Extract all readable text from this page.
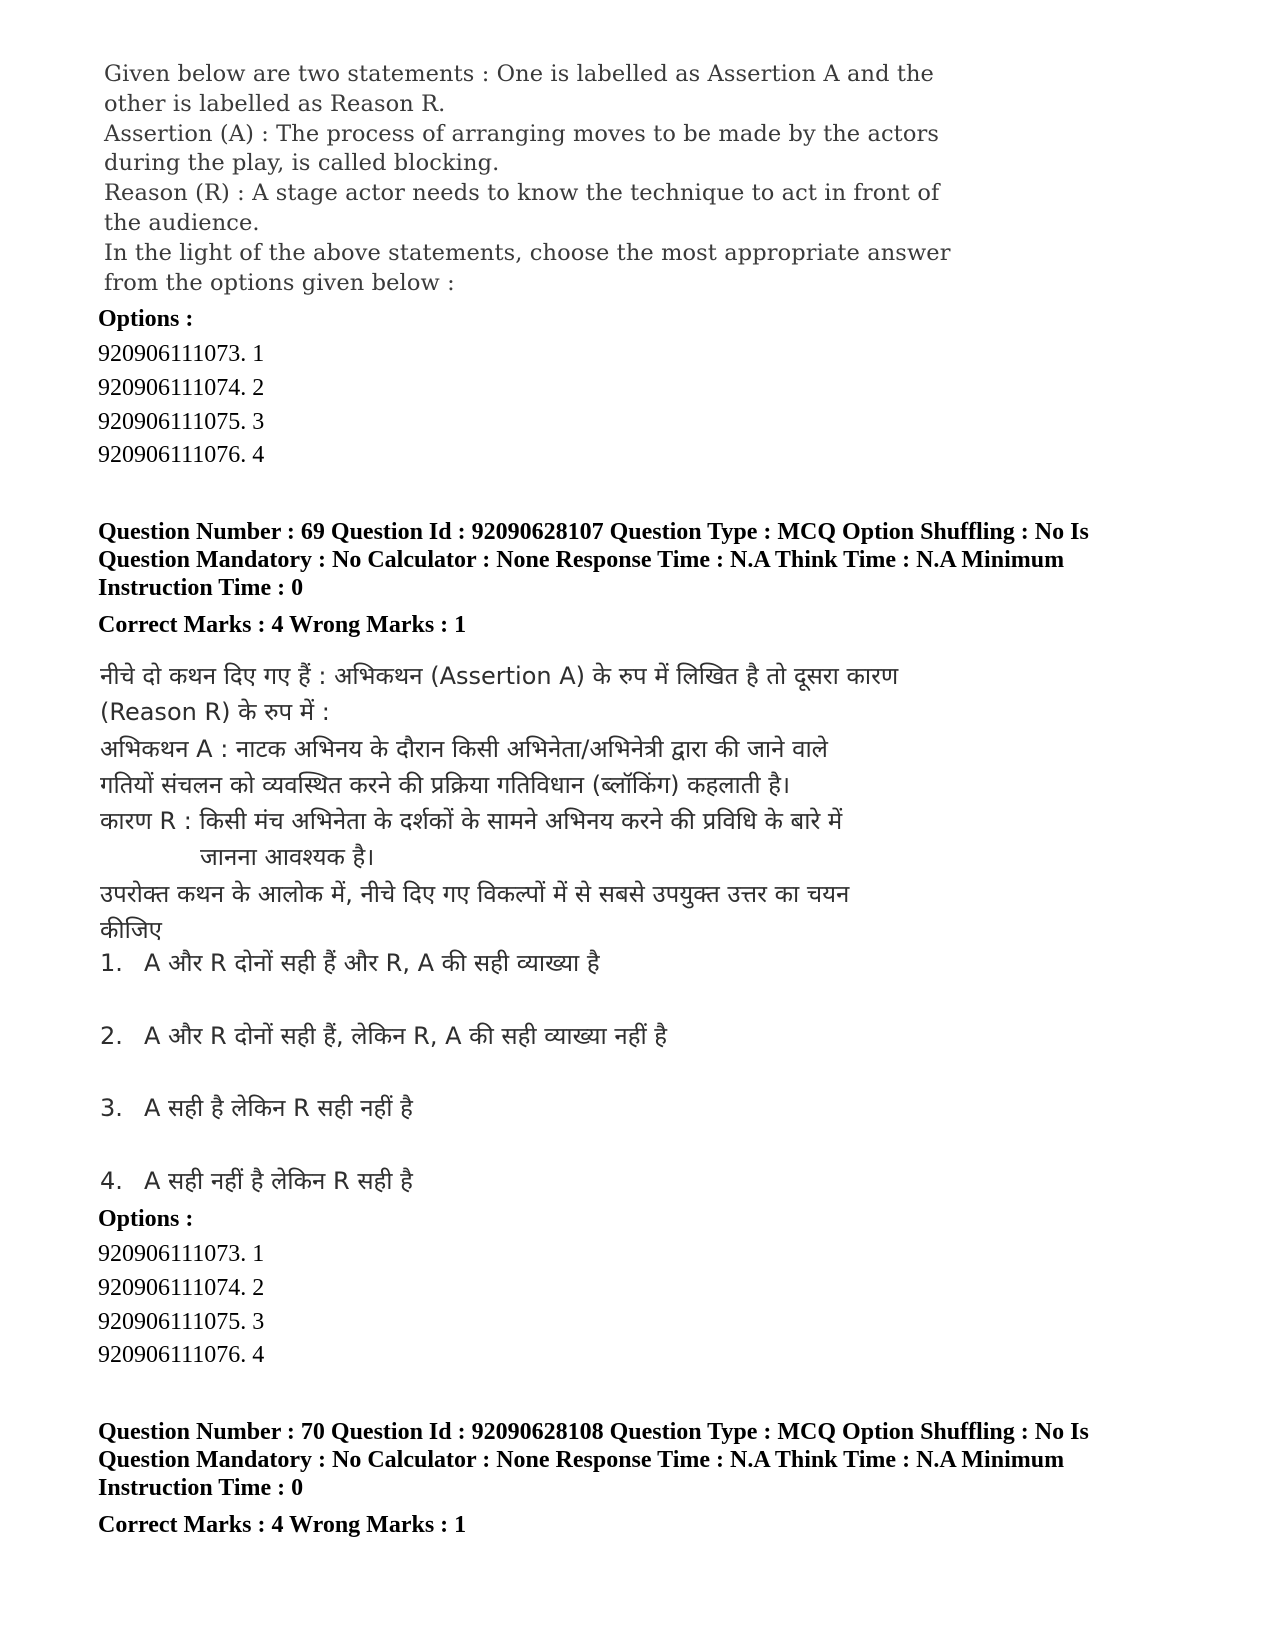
Given below are two statements : One is labelled as Assertion A and the

other is labelled as Reason R.

Assertion (A) : The process of arranging moves to be made by the actors

during the play, is called blocking.

Reason (R) : A stage actor needs to know the technique to act in front of

the audience.

In the light of the above statements, choose the most appropriate answer

from the options given below :

Options :
920906111073. 1
920906111074. 2
920906111075. 3
920906111076. 4
Question Number : 69 Question Id : 92090628107 Question Type : MCQ Option Shuffling : No Is
Question Mandatory : No Calculator : None Response Time : N.A Think Time : N.A Minimum
Instruction Time : 0
Correct Marks : 4 Wrong Marks : 1
नीचे दो कथन दिए गए हैं : अभिकथन (Assertion A) के रुप में लिखित है तो दूसरा कारण
(Reason R) के रुप में :
अभिकथन A : नाटक अभिनय के दौरान किसी अभिनेता/अभिनेत्री द्वारा की जाने वाले
गतियों संचलन को व्यवस्थित करने की प्रक्रिया गतिविधान (ब्लॉकिंग) कहलाती है।
कारण R : किसी मंच अभिनेता के दर्शकों के सामने अभिनय करने की प्रविधि के बारे में
जानना आवश्यक है।
उपरोक्त कथन के आलोक में, नीचे दिए गए विकल्पों में से सबसे उपयुक्त उत्तर का चयन
कीजिए
1. A और R दोनों सही हैं और R, A की सही व्याख्या है
2. A और R दोनों सही हैं, लेकिन R, A की सही व्याख्या नहीं है
3. A सही है लेकिन R सही नहीं है
4. A सही नहीं है लेकिन R सही है
Options :
920906111073. 1
920906111074. 2
920906111075. 3
920906111076. 4
Question Number : 70 Question Id : 92090628108 Question Type : MCQ Option Shuffling : No Is
Question Mandatory : No Calculator : None Response Time : N.A Think Time : N.A Minimum
Instruction Time : 0
Correct Marks : 4 Wrong Marks : 1
